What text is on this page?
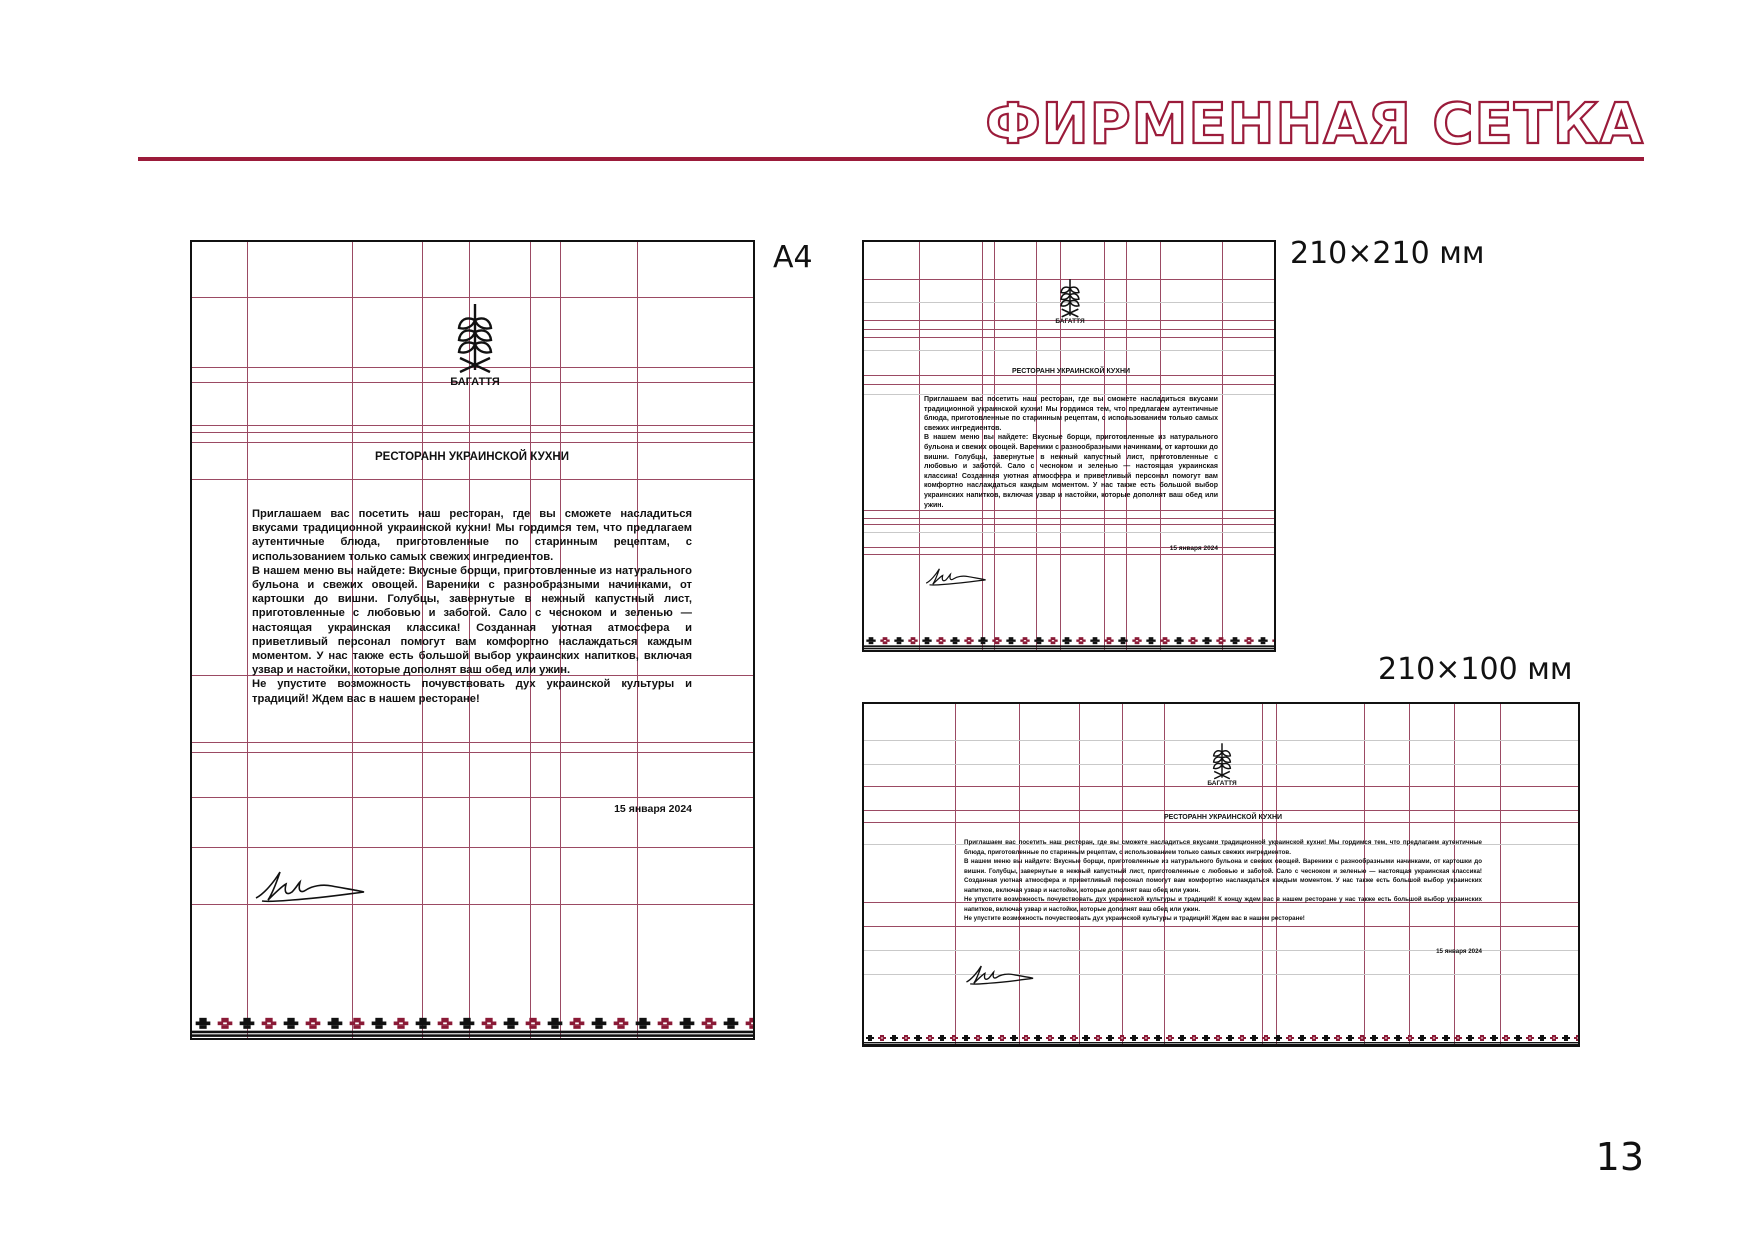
ФИРМЕННАЯ СЕТКА
А4	210×210 мм
210×100 мм
БАГАТТЯ
РЕСТОРАНН УКРАИНСКОЙ КУХНИ

Приглашаем вас посетить наш ресторан, где вы сможете насладиться вкусами традиционной украинской кухни! Мы гордимся тем, что предлагаем аутентичные блюда, приготовленные по старинным рецептам, с использованием только самых свежих ингредиентов.

В нашем меню вы найдете: Вкусные борщи, приготовленные из натурального бульона и свежих овощей. Вареники с разнообразными начинками, от картошки до вишни. Голубцы, завернутые в нежный капустный лист, приготовленные с любовью и заботой. Сало с чесноком и зеленью — настоящая украинская классика! Созданная уютная атмосфера и приветливый персонал помогут вам комфортно наслаждаться каждым моментом. У нас также есть большой выбор украинских напитков, включая узвар и настойки, которые дополнят ваш обед или ужин.

Не упустите возможность почувствовать дух украинской культуры и традиций! Ждем вас в нашем ресторане!

15 января 2024
БАГАТТЯ
РЕСТОРАНН УКРАИНСКОЙ КУХНИ

Приглашаем вас посетить наш ресторан, где вы сможете насладиться вкусами традиционной украинской кухни! Мы гордимся тем, что предлагаем аутентичные блюда, приготовленные по старинным рецептам, с использованием только самых свежих ингредиентов.

В нашем меню вы найдете: Вкусные борщи, приготовленные из натурального бульона и свежих овощей. Вареники с разнообразными начинками, от картошки до вишни. Голубцы, завернутые в нежный капустный лист, приготовленные с любовью и заботой. Сало с чесноком и зеленью — настоящая украинская классика! Созданная уютная атмосфера и приветливый персонал помогут вам комфортно наслаждаться каждым моментом. У нас также есть большой выбор украинских напитков, включая узвар и настойки, которые дополнят ваш обед или ужин.

15 января 2024
БАГАТТЯ
РЕСТОРАНН УКРАИНСКОЙ КУХНИ

Приглашаем вас посетить наш ресторан, где вы сможете насладиться вкусами традиционной украинской кухни! Мы гордимся тем, что предлагаем аутентичные блюда, приготовленные по старинным рецептам, с использованием только самых свежих ингредиентов.

В нашем меню вы найдете: Вкусные борщи, приготовленные из натурального бульона и свежих овощей. Вареники с разнообразными начинками, от картошки до вишни. Голубцы, завернутые в нежный капустный лист, приготовленные с любовью и заботой. Сало с чесноком и зеленью — настоящая украинская классика! Созданная уютная атмосфера и приветливый персонал помогут вам комфортно наслаждаться каждым моментом. У нас также есть большой выбор украинских напитков, включая узвар и настойки, которые дополнят ваш обед или ужин.

Не упустите возможность почувствовать дух украинской культуры и традиций! К концу ждем вас в нашем ресторане у нас также есть большой выбор украинских напитков, включая узвар и настойки, которые дополнят ваш обед или ужин.

Не упустите возможность почувствовать дух украинской культуры и традиций! Ждем вас в нашем ресторане!

15 января 2024
13
